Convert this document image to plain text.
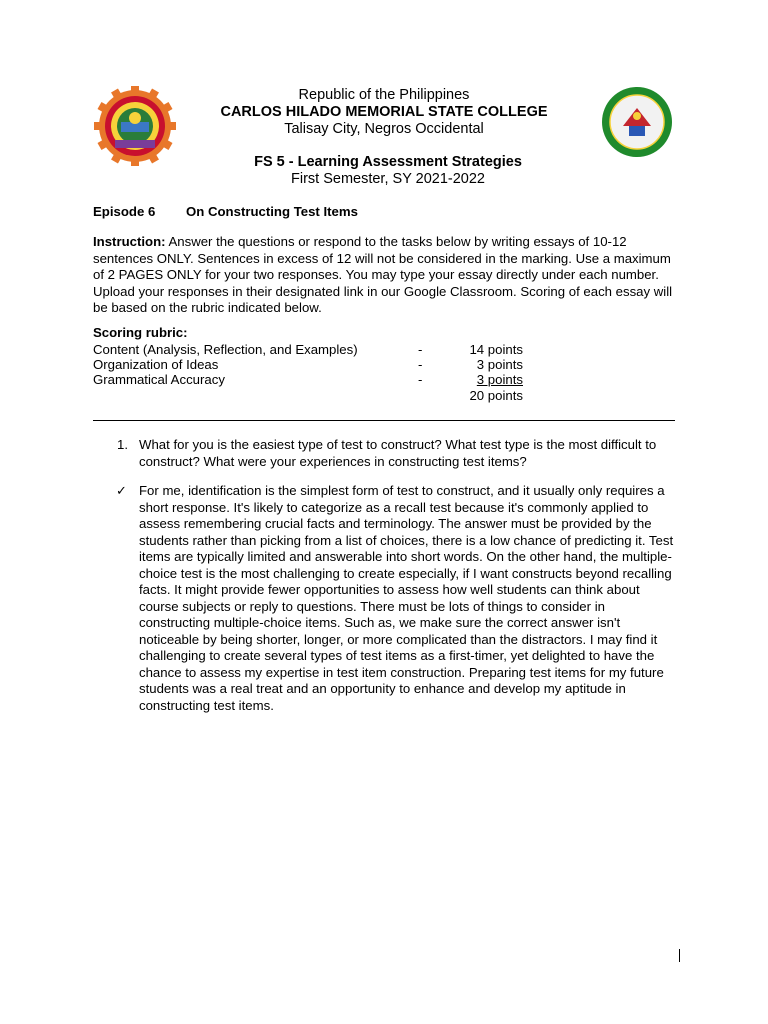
Republic of the Philippines
CARLOS HILADO MEMORIAL STATE COLLEGE
Talisay City, Negros Occidental
FS 5 - Learning Assessment Strategies
First Semester, SY 2021-2022
Episode 6 On Constructing Test Items
Instruction: Answer the questions or respond to the tasks below by writing essays of 10-12 sentences ONLY. Sentences in excess of 12 will not be considered in the marking. Use a maximum of 2 PAGES ONLY for your two responses. You may type your essay directly under each number. Upload your responses in their designated link in our Google Classroom. Scoring of each essay will be based on the rubric indicated below.
Scoring rubric:
Content (Analysis, Reflection, and Examples)	-	14 points
Organization of Ideas	-	3 points
Grammatical Accuracy	-	3 points
20 points
1. What for you is the easiest type of test to construct? What test type is the most difficult to construct? What were your experiences in constructing test items?
✓ For me, identification is the simplest form of test to construct, and it usually only requires a short response. It's likely to categorize as a recall test because it's commonly applied to assess remembering crucial facts and terminology. The answer must be provided by the students rather than picking from a list of choices, there is a low chance of predicting it. Test items are typically limited and answerable into short words. On the other hand, the multiple-choice test is the most challenging to create especially, if I want constructs beyond recalling facts. It might provide fewer opportunities to assess how well students can think about course subjects or reply to questions. There must be lots of things to consider in constructing multiple-choice items. Such as, we make sure the correct answer isn't noticeable by being shorter, longer, or more complicated than the distractors. I may find it challenging to create several types of test items as a first-timer, yet delighted to have the chance to assess my expertise in test item construction. Preparing test items for my future students was a real treat and an opportunity to enhance and develop my aptitude in constructing test items.
